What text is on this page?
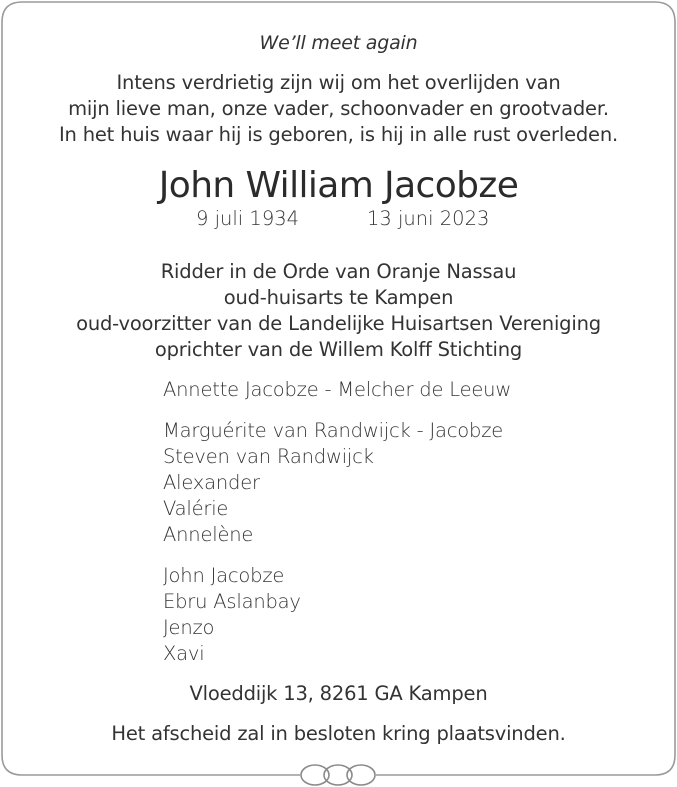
We’ll meet again
Intens verdrietig zijn wij om het overlijden van
mijn lieve man, onze vader, schoonvader en grootvader.
In het huis waar hij is geboren, is hij in alle rust overleden.
John William Jacobze
9 juli 1934	13 juni 2023
Ridder in de Orde van Oranje Nassau
oud-huisarts te Kampen
oud-voorzitter van de Landelijke Huisartsen Vereniging
oprichter van de Willem Kolff Stichting
Annette Jacobze - Melcher de Leeuw
Marguérite van Randwijck - Jacobze
Steven van Randwijck
Alexander
Valérie
Annelène
John Jacobze
Ebru Aslanbay
Jenzo
Xavi
Vloeddijk 13, 8261 GA Kampen
Het afscheid zal in besloten kring plaatsvinden.
